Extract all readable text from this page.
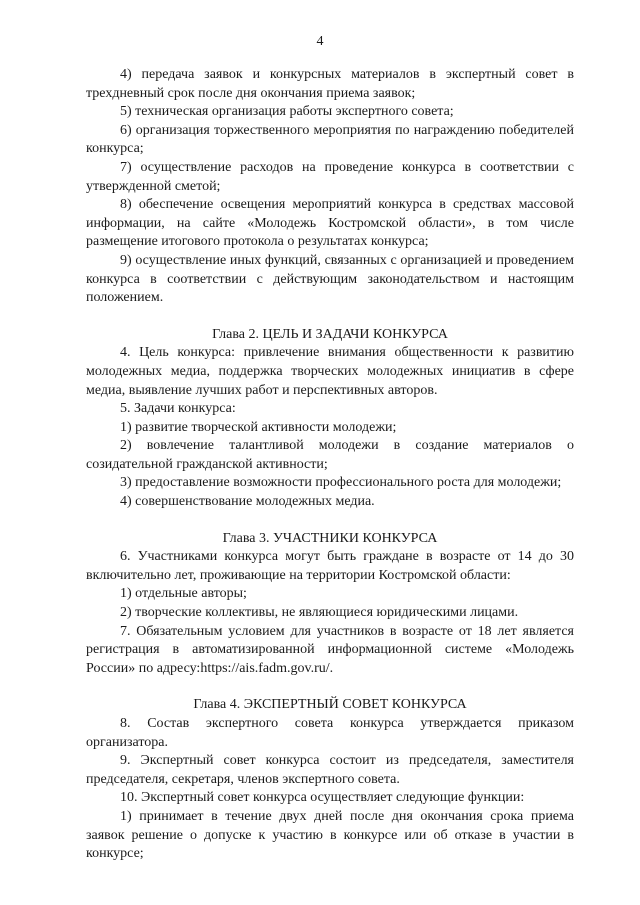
4

4) передача заявок и конкурсных материалов в экспертный совет в трехдневный срок после дня окончания приема заявок;

5) техническая организация работы экспертного совета;

6) организация торжественного мероприятия по награждению победителей конкурса;

7) осуществление расходов на проведение конкурса в соответствии с утвержденной сметой;

8) обеспечение освещения мероприятий конкурса в средствах массовой информации, на сайте «Молодежь Костромской области», в том числе размещение итогового протокола о результатах конкурса;

9) осуществление иных функций, связанных с организацией и проведением конкурса в соответствии с действующим законодательством и настоящим положением.

Глава 2. ЦЕЛЬ И ЗАДАЧИ КОНКУРСА

4. Цель конкурса: привлечение внимания общественности к развитию молодежных медиа, поддержка творческих молодежных инициатив в сфере медиа, выявление лучших работ и перспективных авторов.

5. Задачи конкурса:

1) развитие творческой активности молодежи;

2) вовлечение талантливой молодежи в создание материалов о созидательной гражданской активности;

3) предоставление возможности профессионального роста для молодежи;

4) совершенствование молодежных медиа.

Глава 3. УЧАСТНИКИ КОНКУРСА

6. Участниками конкурса могут быть граждане в возрасте от 14 до 30 включительно лет, проживающие на территории Костромской области:

1) отдельные авторы;

2) творческие коллективы, не являющиеся юридическими лицами.

7. Обязательным условием для участников в возрасте от 18 лет является регистрация в автоматизированной информационной системе «Молодежь России» по адресу:https://ais.fadm.gov.ru/.

Глава 4. ЭКСПЕРТНЫЙ СОВЕТ КОНКУРСА

8. Состав экспертного совета конкурса утверждается приказом организатора.

9. Экспертный совет конкурса состоит из председателя, заместителя председателя, секретаря, членов экспертного совета.

10. Экспертный совет конкурса осуществляет следующие функции:

1) принимает в течение двух дней после дня окончания срока приема заявок решение о допуске к участию в конкурсе или об отказе в участии в конкурсе;
